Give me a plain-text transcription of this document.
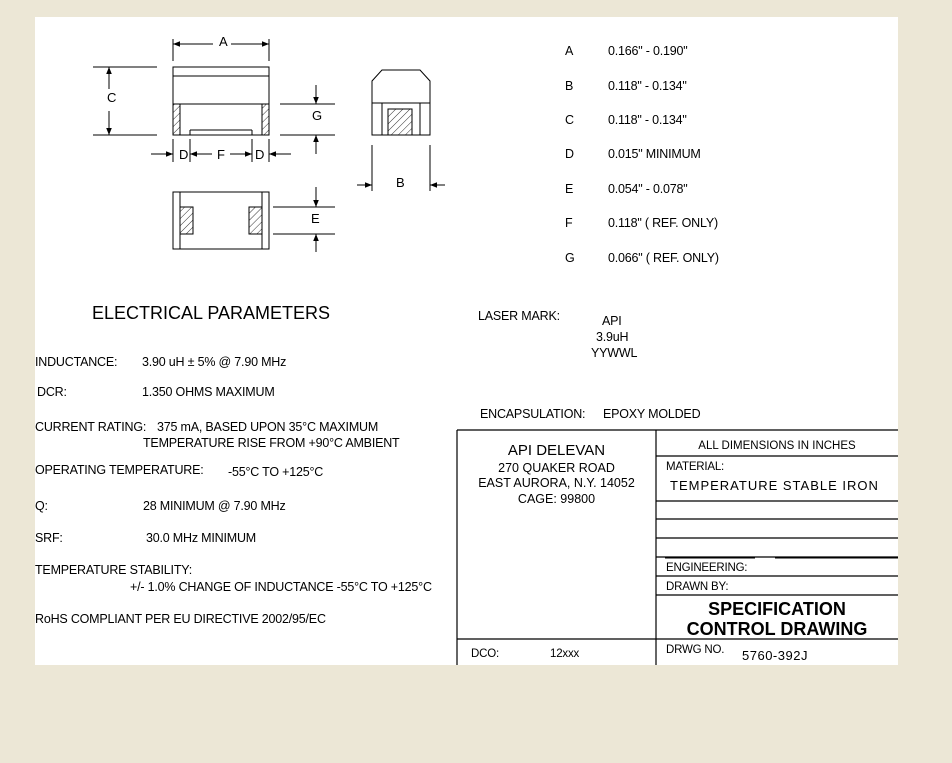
A
C
G
D F D
B
E
A	0.166" - 0.190"
B	0.118" - 0.134"
C	0.118" - 0.134"
D	0.015" MINIMUM
E	0.054" - 0.078"
F	0.118" ( REF. ONLY)
G	0.066" ( REF. ONLY)
ELECTRICAL PARAMETERS
INDUCTANCE: 3.90 uH ± 5% @ 7.90 MHz
DCR:	1.350 OHMS MAXIMUM
CURRENT RATING: 375 mA, BASED UPON 35°C MAXIMUM
TEMPERATURE RISE FROM +90°C AMBIENT
OPERATING TEMPERATURE: -55°C TO +125°C
Q:	28 MINIMUM @ 7.90 MHz
SRF:	30.0 MHz MINIMUM
TEMPERATURE STABILITY:
+/- 1.0% CHANGE OF INDUCTANCE -55°C TO +125°C
RoHS COMPLIANT PER EU DIRECTIVE 2002/95/EC
LASER MARK:	API
3.9uH
YYWWL
ENCAPSULATION: EPOXY MOLDED
API DELEVAN
270 QUAKER ROAD
EAST AURORA, N.Y. 14052
CAGE: 99800
ALL DIMENSIONS IN INCHES
MATERIAL:
TEMPERATURE STABLE IRON
ENGINEERING:
DRAWN BY:
SPECIFICATION
CONTROL DRAWING
DCO:	12xxx	DRWG NO. 5760-392J
